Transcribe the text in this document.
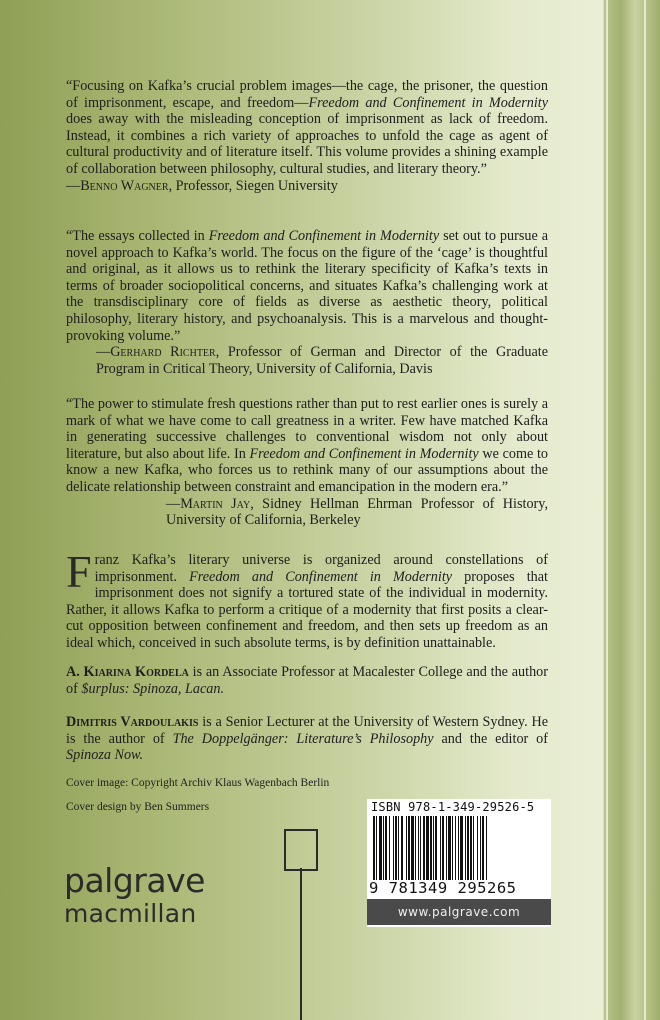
“Focusing on Kafka’s crucial problem images—the cage, the prisoner, the question of imprisonment, escape, and freedom—Freedom and Confinement in Modernity does away with the misleading conception of imprisonment as lack of freedom. Instead, it combines a rich variety of approaches to unfold the cage as agent of cultural productivity and of literature itself. This volume provides a shining example of collaboration between philosophy, cultural studies, and literary theory.”

—Benno Wagner, Professor, Siegen University

“The essays collected in Freedom and Confinement in Modernity set out to pursue a novel approach to Kafka’s world. The focus on the figure of the ‘cage’ is thoughtful and original, as it allows us to rethink the literary specificity of Kafka’s texts in terms of broader sociopolitical concerns, and situates Kafka’s challenging work at the transdisciplinary core of fields as diverse as aesthetic theory, political philosophy, literary history, and psychoanalysis. This is a marvelous and thought-provoking volume.”

—Gerhard Richter, Professor of German and Director of the Graduate Program in Critical Theory, University of California, Davis

“The power to stimulate fresh questions rather than put to rest earlier ones is surely a mark of what we have come to call greatness in a writer. Few have matched Kafka in generating successive challenges to conventional wisdom not only about literature, but also about life. In Freedom and Confinement in Modernity we come to know a new Kafka, who forces us to rethink many of our assumptions about the delicate relationship between constraint and emancipation in the modern era.”

—Martin Jay, Sidney Hellman Ehrman Professor of History, University of California, Berkeley

Franz Kafka’s literary universe is organized around constellations of imprisonment. Freedom and Confinement in Modernity proposes that imprisonment does not signify a tortured state of the individual in modernity. Rather, it allows Kafka to perform a critique of a modernity that first posits a clear-cut opposition between confinement and freedom, and then sets up freedom as an ideal which, conceived in such absolute terms, is by definition unattainable.

A. Kiarina Kordela is an Associate Professor at Macalester College and the author of $urplus: Spinoza, Lacan.

Dimitris Vardoulakis is a Senior Lecturer at the University of Western Sydney. He is the author of The Doppelgänger: Literature’s Philosophy and the editor of Spinoza Now.

Cover image: Copyright Archiv Klaus Wagenbach Berlin
Cover design by Ben Summers
palgrave
macmillan
ISBN 978-1-349-29526-5
9 781349 295265
www.palgrave.com
